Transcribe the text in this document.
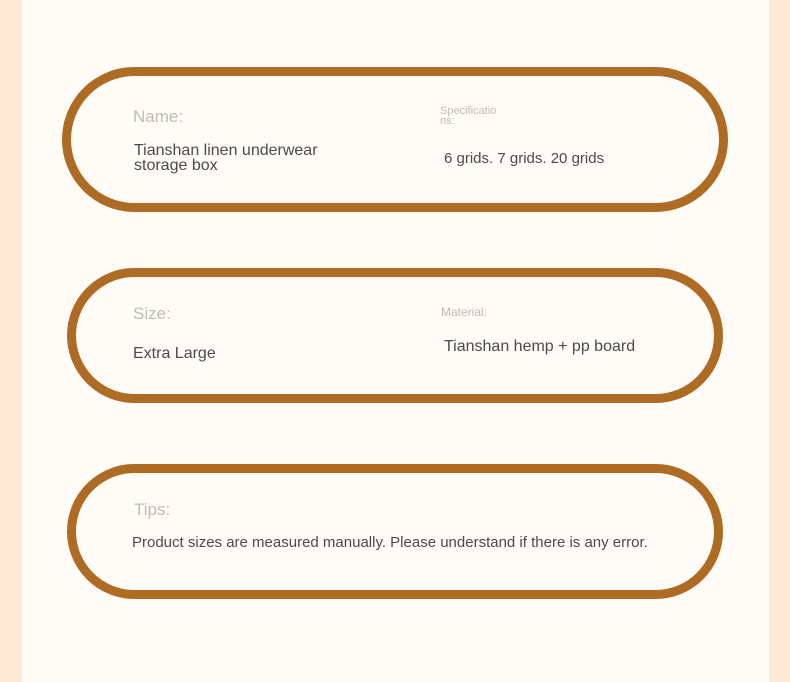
Name:
Tianshan linen underwear storage box
Specifications:
6 grids. 7 grids. 20 grids
Size:
Extra Large
Material:
Tianshan hemp + pp board
Tips:
Product sizes are measured manually. Please understand if there is any error.
